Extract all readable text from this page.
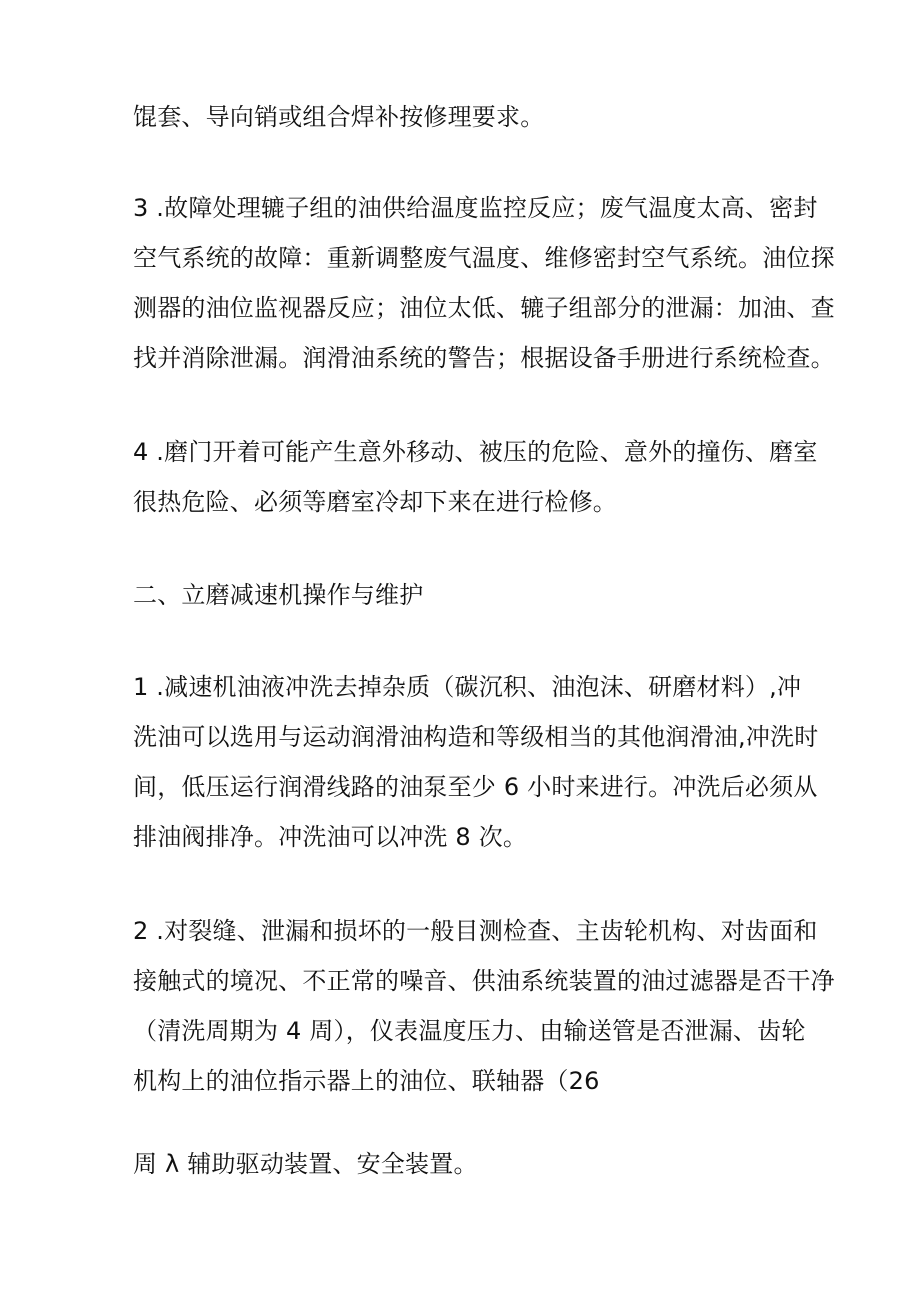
馄套、导向销或组合焊补按修理要求。
3 .故障处理辘子组的油供给温度监控反应；废气温度太高、密封
空气系统的故障：重新调整废气温度、维修密封空气系统。油位探
测器的油位监视器反应；油位太低、辘子组部分的泄漏：加油、查
找并消除泄漏。润滑油系统的警告；根据设备手册进行系统检查。
4 .磨门开着可能产生意外移动、被压的危险、意外的撞伤、磨室
很热危险、必须等磨室冷却下来在进行检修。
二、立磨减速机操作与维护
1 .减速机油液冲洗去掉杂质（碳沉积、油泡沫、研磨材料）,冲
洗油可以选用与运动润滑油构造和等级相当的其他润滑油,冲洗时
间，低压运行润滑线路的油泵至少 6 小时来进行。冲洗后必须从
排油阀排净。冲洗油可以冲洗 8 次。
2 .对裂缝、泄漏和损坏的一般目测检查、主齿轮机构、对齿面和
接触式的境况、不正常的噪音、供油系统装置的油过滤器是否干净
（清洗周期为 4 周），仪表温度压力、由输送管是否泄漏、齿轮
机构上的油位指示器上的油位、联轴器（26
周 λ 辅助驱动装置、安全装置。
